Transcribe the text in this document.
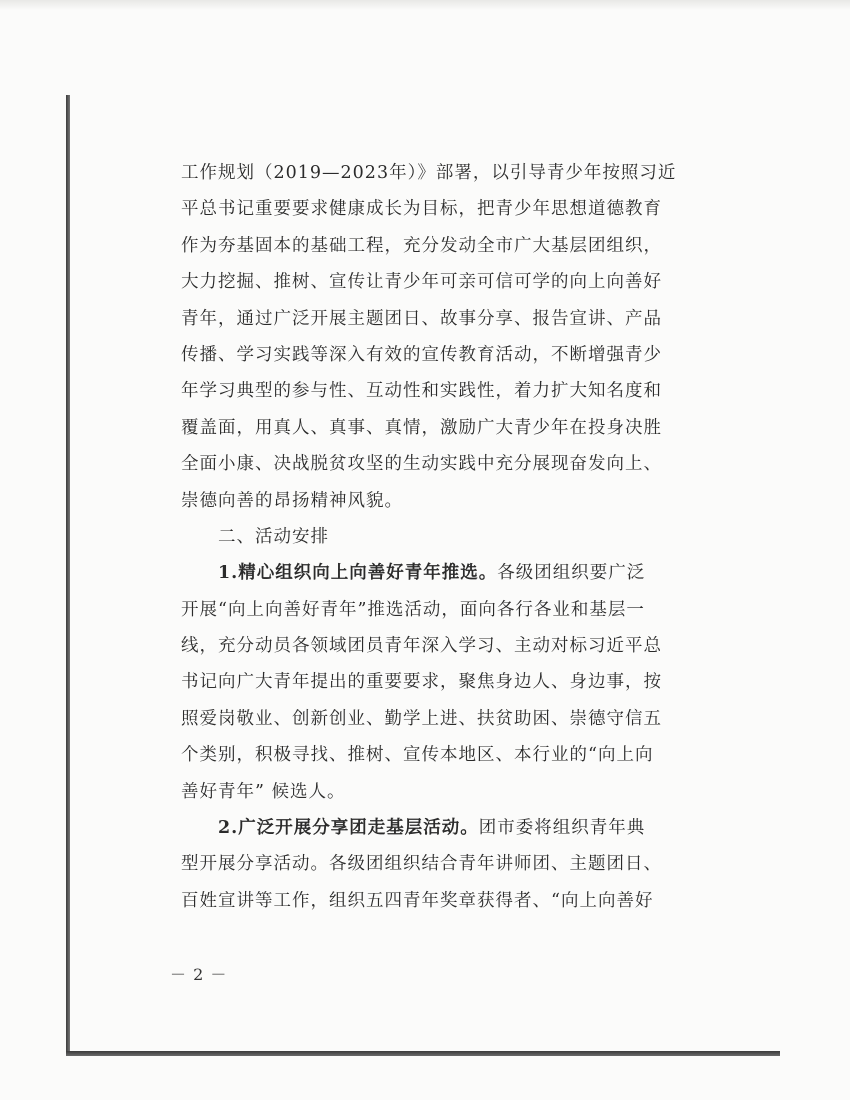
工作规划（2019—2023年）》部署，以引导青少年按照习近
平总书记重要要求健康成长为目标，把青少年思想道德教育
作为夯基固本的基础工程，充分发动全市广大基层团组织，
大力挖掘、推树、宣传让青少年可亲可信可学的向上向善好
青年，通过广泛开展主题团日、故事分享、报告宣讲、产品
传播、学习实践等深入有效的宣传教育活动，不断增强青少
年学习典型的参与性、互动性和实践性，着力扩大知名度和
覆盖面，用真人、真事、真情，激励广大青少年在投身决胜
全面小康、决战脱贫攻坚的生动实践中充分展现奋发向上、
崇德向善的昂扬精神风貌。
二、活动安排
1.精心组织向上向善好青年推选。各级团组织要广泛
开展“向上向善好青年”推选活动，面向各行各业和基层一
线，充分动员各领域团员青年深入学习、主动对标习近平总
书记向广大青年提出的重要要求，聚焦身边人、身边事，按
照爱岗敬业、创新创业、勤学上进、扶贫助困、崇德守信五
个类别，积极寻找、推树、宣传本地区、本行业的“向上向
善好青年” 候选人。
2.广泛开展分享团走基层活动。团市委将组织青年典
型开展分享活动。各级团组织结合青年讲师团、主题团日、
百姓宣讲等工作，组织五四青年奖章获得者、“向上向善好
－ 2 －
